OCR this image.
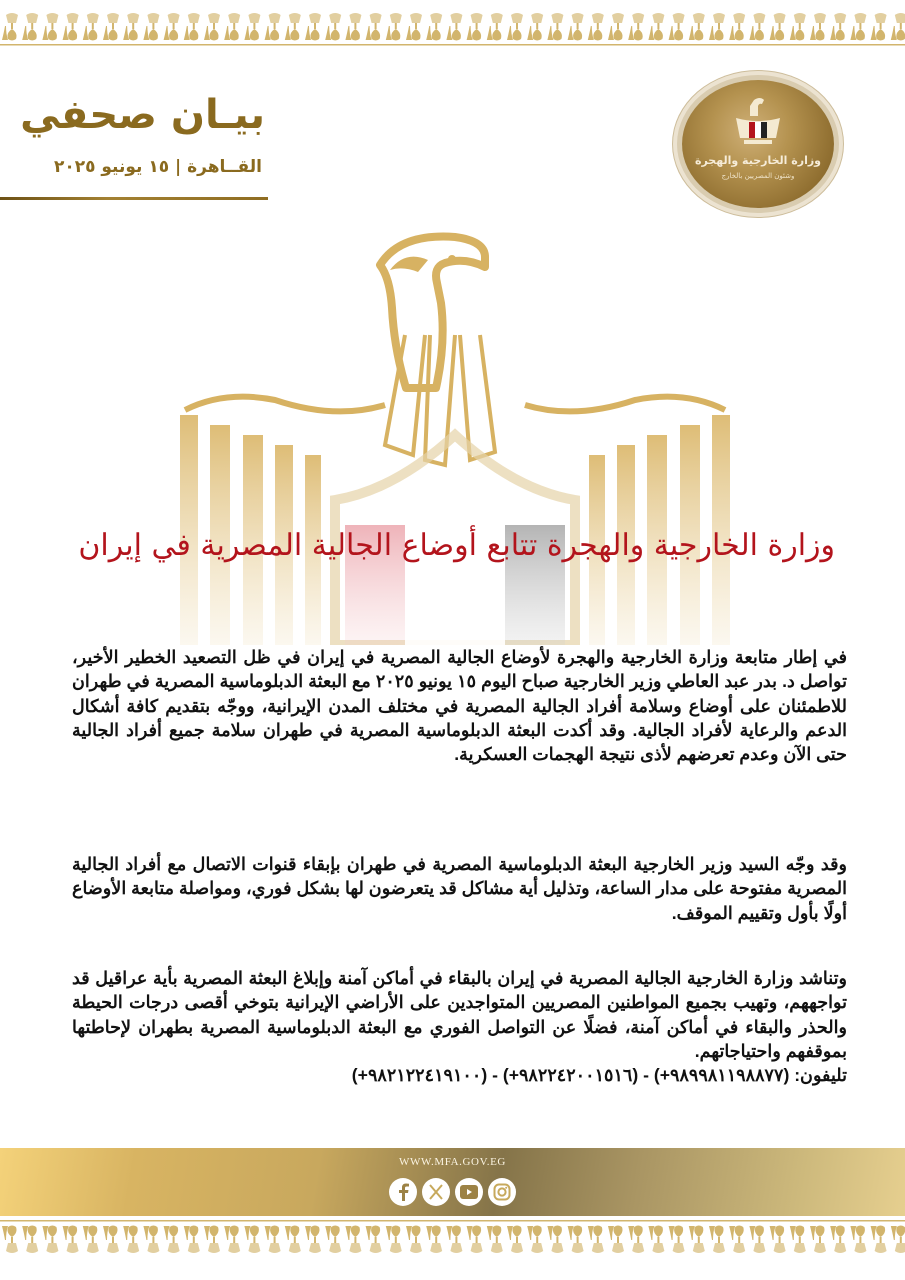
بيـان صحفي
القــاهرة | ١٥ يونيو ٢٠٢٥	وزارة الخارجية والهجرة
وشئون المصريين بالخارج
وزارة الخارجية والهجرة تتابع أوضاع الجالية المصرية في إيران
في إطار متابعة وزارة الخارجية والهجرة لأوضاع الجالية المصرية في إيران في ظل التصعيد الخطير الأخير، تواصل د. بدر عبد العاطي وزير الخارجية صباح اليوم ١٥ يونيو ٢٠٢٥ مع البعثة الدبلوماسية المصرية في طهران للاطمئنان على أوضاع وسلامة أفراد الجالية المصرية في مختلف المدن الإيرانية، ووجّه بتقديم كافة أشكال الدعم والرعاية لأفراد الجالية. وقد أكدت البعثة الدبلوماسية المصرية في طهران سلامة جميع أفراد الجالية حتى الآن وعدم تعرضهم لأذى نتيجة الهجمات العسكرية.
وقد وجّه السيد وزير الخارجية البعثة الدبلوماسية المصرية في طهران بإبقاء قنوات الاتصال مع أفراد الجالية المصرية مفتوحة على مدار الساعة، وتذليل أية مشاكل قد يتعرضون لها بشكل فوري، ومواصلة متابعة الأوضاع أولًا بأول وتقييم الموقف.
وتناشد وزارة الخارجية الجالية المصرية في إيران بالبقاء في أماكن آمنة وإبلاغ البعثة المصرية بأية عراقيل قد تواجههم، وتهيب بجميع المواطنين المصريين المتواجدين على الأراضي الإيرانية بتوخي أقصى درجات الحيطة والحذر والبقاء في أماكن آمنة، فضلًا عن التواصل الفوري مع البعثة الدبلوماسية المصرية بطهران لإحاطتها بموقفهم واحتياجاتهم.
تليفون: (+٩٨٢١٢٢٤١٩١٠٠) - (+٩٨٢٢٤٢٠٠١٥١٦) - (+٩٨٩٩٨١١٩٨٨٧٧)
WWW.MFA.GOV.EG
